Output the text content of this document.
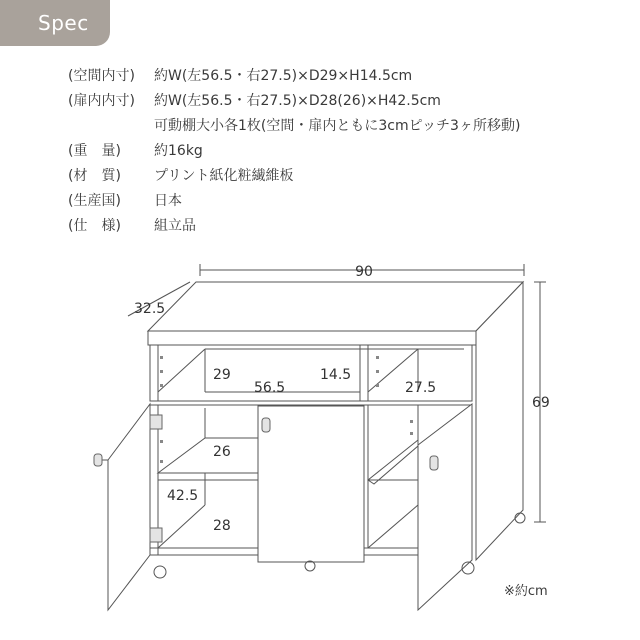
Spec
(空間内寸)	約W(左56.5・右27.5)×D29×H14.5cm
(扉内内寸)	約W(左56.5・右27.5)×D28(26)×H42.5cm
可動棚大小各1枚(空間・扉内ともに3cmピッチ3ヶ所移動)
(重　量)	約16kg
(材　質)	プリント紙化粧繊維板
(生産国)	日本
(仕　様)	組立品
90
32.5
69
29
56.5
14.5
27.5
26
42.5
28
※約cm
